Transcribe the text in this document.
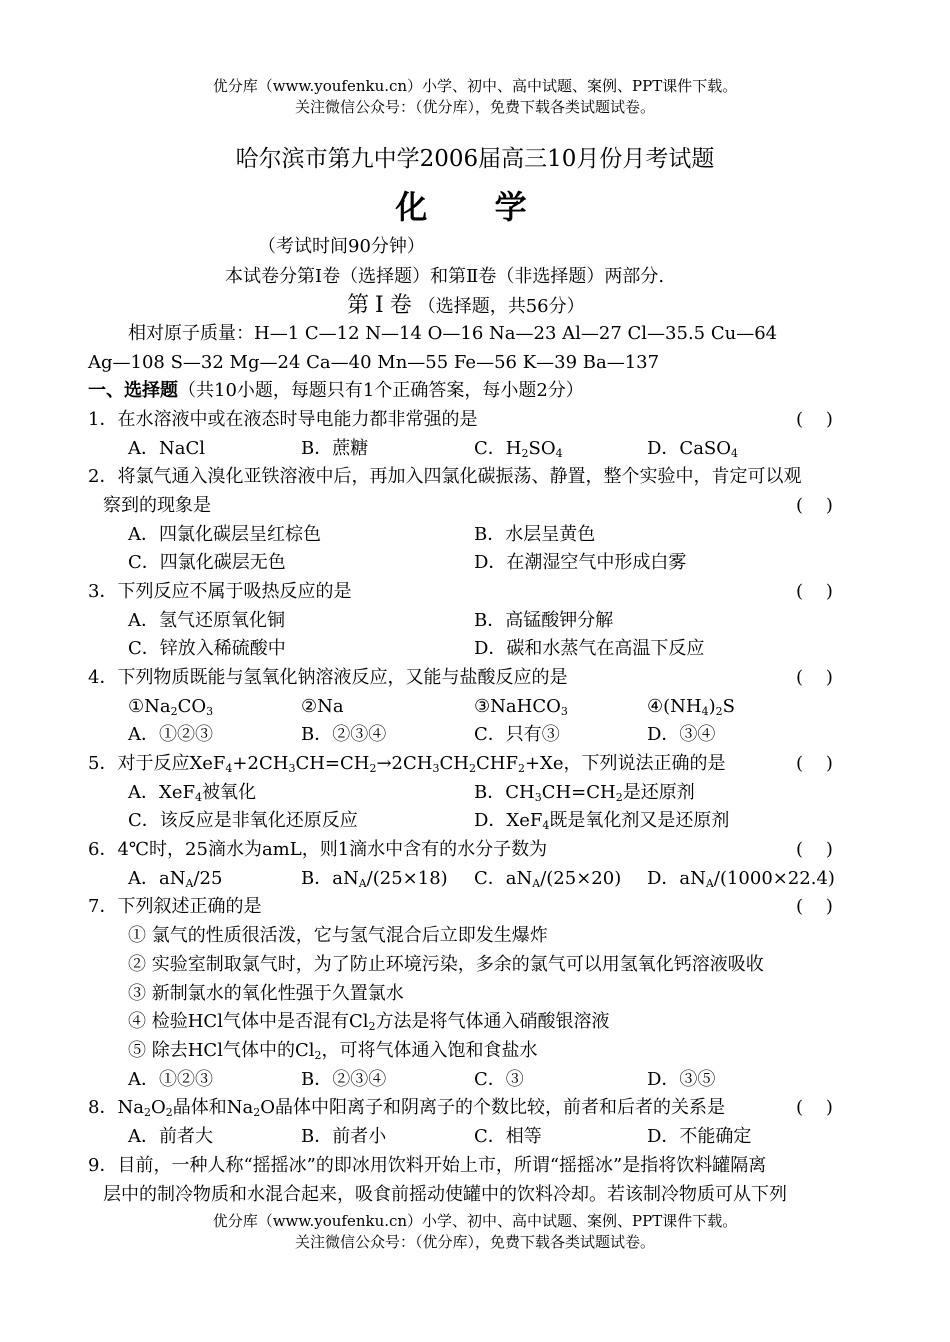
优分库（www.youfenku.cn）小学、初中、高中试题、案例、PPT课件下载。
关注微信公众号：（优分库），免费下载各类试题试卷。
哈尔滨市第九中学2006届高三10月份月考试题
化 学
（考试时间90分钟）
本试卷分第Ⅰ卷（选择题）和第Ⅱ卷（非选择题）两部分.
第Ⅰ卷（选择题，共56分）
相对原子质量：H—1 C—12 N—14 O—16 Na—23 Al—27 Cl—35.5 Cu—64
Ag—108 S—32 Mg—24 Ca—40 Mn—55 Fe—56 K—39 Ba—137
一、选择题（共10小题，每题只有1个正确答案，每小题2分）
1．在水溶液中或在液态时导电能力都非常强的是	(    )
A．NaCl	B．蔗糖	C．$H_2SO_4$	D．CaSO$_4$
2．将氯气通入溴化亚铁溶液中后，再加入四氯化碳振荡、静置，整个实验中，肯定可以观
察到的现象是	(    )
A．四氯化碳层呈红棕色	B．水层呈黄色
C．四氯化碳层无色	D．在潮湿空气中形成白雾
3．下列反应不属于吸热反应的是	(    )
A．氢气还原氧化铜	B．高锰酸钾分解
C．锌放入稀硫酸中	D．碳和水蒸气在高温下反应
4．下列物质既能与氢氧化钠溶液反应，又能与盐酸反应的是	(    )
$①Na_2CO_3$	②Na	③NaHCO$_3$	$④(NH_4)_2S$
A．①②③	B．②③④	C．只有③	D．③④
5．对于反应$XeF_4+2CH_3CH=CH_2\to 2CH_3CH_2CHF_2+Xe$，下列说法正确的是	(    )
A．XeF$_4$被氧化	B．$CH_3CH=CH_2$是还原剂
C．该反应是非氧化还原反应	D．XeF$_4$既是氧化剂又是还原剂
6．4℃时，25滴水为amL，则1滴水中含有的水分子数为	(    )
A．$aN_A/25$	B．$aN_A/(25\times 18)$	C．$aN_A/(25\times 20)$	D．$aN_A/(1000\times 22.4)$
7．下列叙述正确的是	(    )
① 氯气的性质很活泼，它与氢气混合后立即发生爆炸
② 实验室制取氯气时，为了防止环境污染，多余的氯气可以用氢氧化钙溶液吸收
③ 新制氯水的氧化性强于久置氯水
④ 检验HCl气体中是否混有$Cl_2$方法是将气体通入硝酸银溶液
⑤ 除去HCl气体中的$Cl_2$，可将气体通入饱和食盐水
A．①②③	B．②③④	C．③	D．③⑤
8．$Na_2O_2$晶体和$Na_2O$晶体中阳离子和阴离子的个数比较，前者和后者的关系是	(    )
A．前者大	B．前者小	C．相等	D．不能确定
9．目前，一种人称“摇摇冰”的即冰用饮料开始上市，所谓“摇摇冰”是指将饮料罐隔离
层中的制冷物质和水混合起来，吸食前摇动使罐中的饮料冷却。若该制冷物质可从下列
优分库（www.youfenku.cn）小学、初中、高中试题、案例、PPT课件下载。
关注微信公众号：（优分库），免费下载各类试题试卷。
